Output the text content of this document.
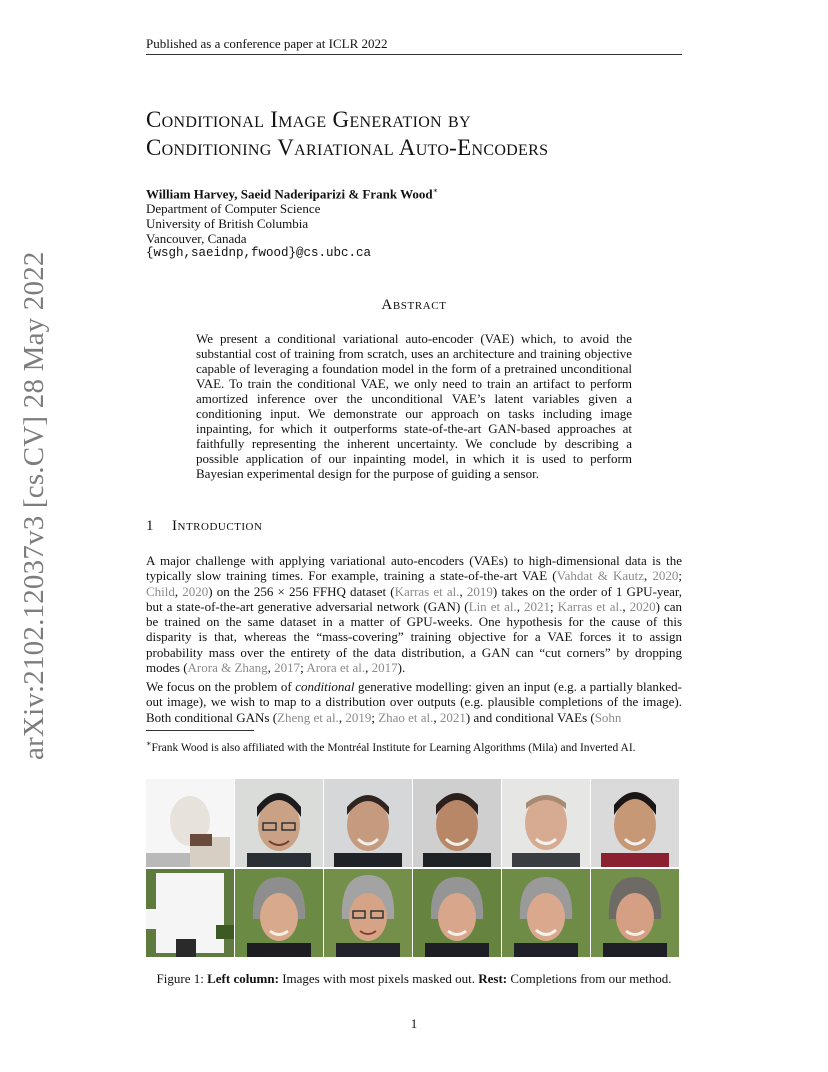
Published as a conference paper at ICLR 2022
Conditional Image Generation by
Conditioning Variational Auto-Encoders
William Harvey, Saeid Naderiparizi & Frank Wood∗
Department of Computer Science
University of British Columbia
Vancouver, Canada
{wsgh,saeidnp,fwood}@cs.ubc.ca
arXiv:2102.12037v3 [cs.CV] 28 May 2022	Abstract
We present a conditional variational auto-encoder (VAE) which, to avoid the substantial cost of training from scratch, uses an architecture and training objective capable of leveraging a foundation model in the form of a pretrained unconditional VAE. To train the conditional VAE, we only need to train an artifact to perform amortized inference over the unconditional VAE’s latent variables given a conditioning input. We demonstrate our approach on tasks including image inpainting, for which it outperforms state-of-the-art GAN-based approaches at faithfully representing the inherent uncertainty. We conclude by describing a possible application of our inpainting model, in which it is used to perform Bayesian experimental design for the purpose of guiding a sensor.
1 Introduction
A major challenge with applying variational auto-encoders (VAEs) to high-dimensional data is the typically slow training times. For example, training a state-of-the-art VAE (Vahdat & Kautz, 2020; Child, 2020) on the 256 × 256 FFHQ dataset (Karras et al., 2019) takes on the order of 1 GPU-year, but a state-of-the-art generative adversarial network (GAN) (Lin et al., 2021; Karras et al., 2020) can be trained on the same dataset in a matter of GPU-weeks. One hypothesis for the cause of this disparity is that, whereas the “mass-covering” training objective for a VAE forces it to assign probability mass over the entirety of the data distribution, a GAN can “cut corners” by dropping modes (Arora & Zhang, 2017; Arora et al., 2017).
We focus on the problem of conditional generative modelling: given an input (e.g. a partially blanked-out image), we wish to map to a distribution over outputs (e.g. plausible completions of the image). Both conditional GANs (Zheng et al., 2019; Zhao et al., 2021) and conditional VAEs (Sohn
∗Frank Wood is also affiliated with the Montréal Institute for Learning Algorithms (Mila) and Inverted AI.
Figure 1: Left column: Images with most pixels masked out. Rest: Completions from our method.
1
